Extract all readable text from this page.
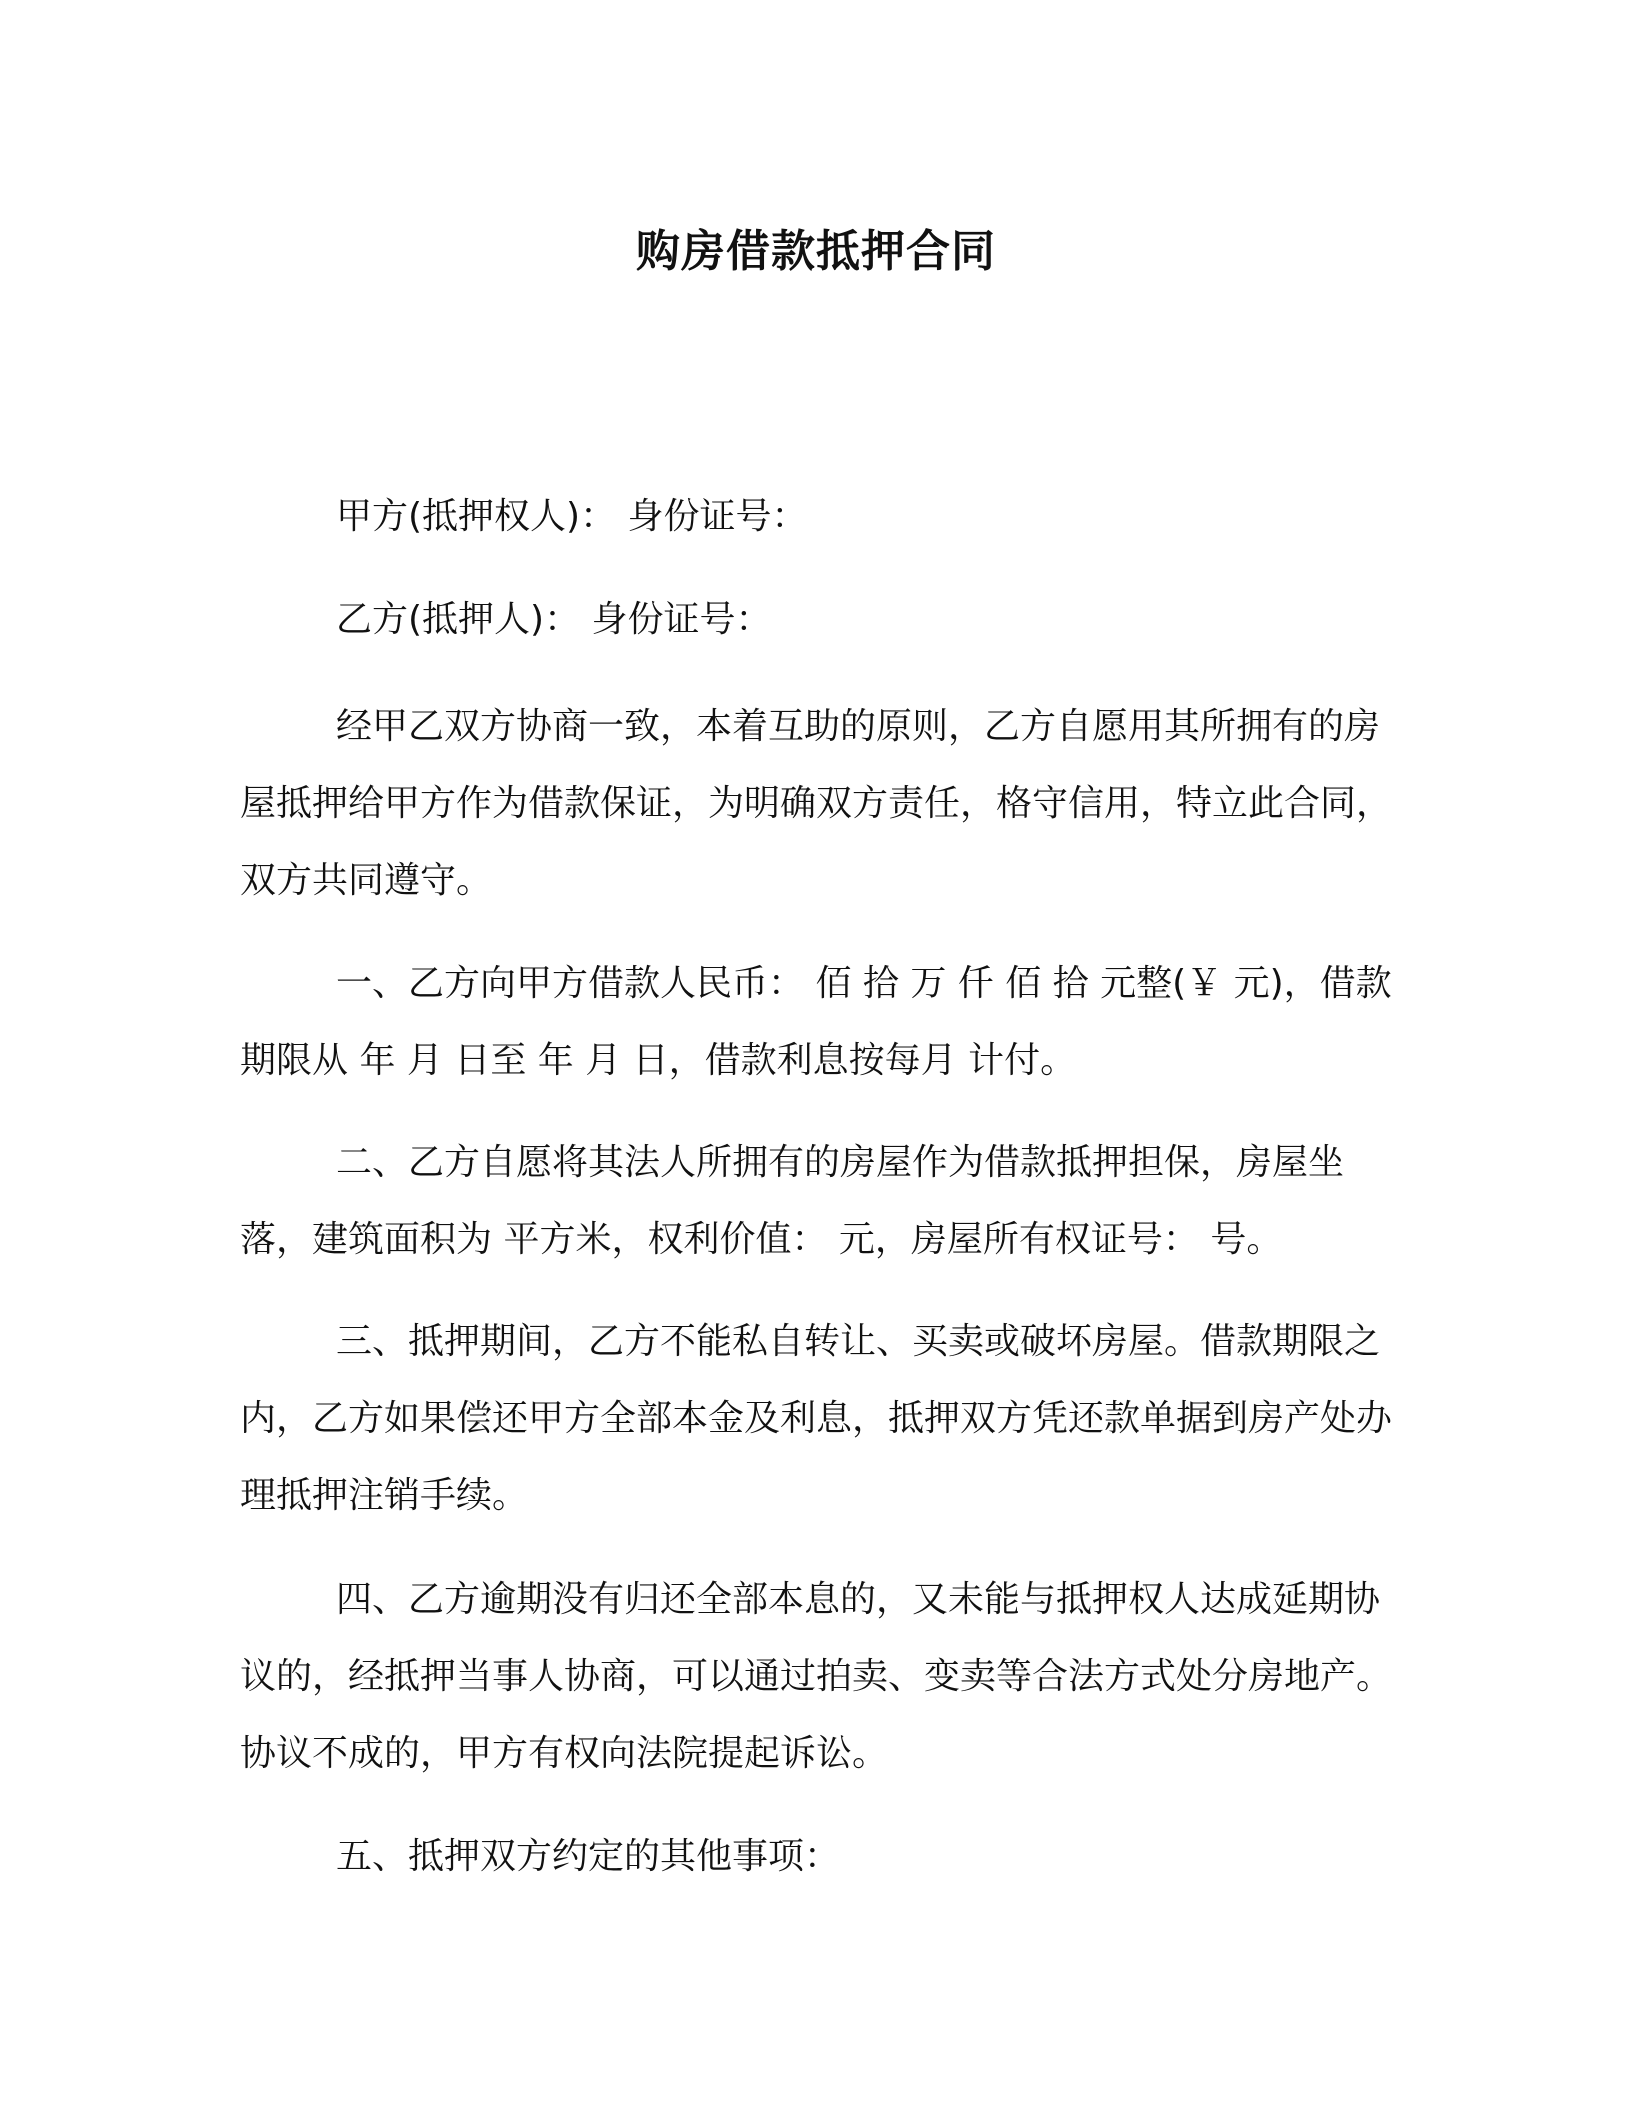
购房借款抵押合同
甲方(抵押权人)： 身份证号：
乙方(抵押人)： 身份证号：

经甲乙双方协商一致，本着互助的原则，乙方自愿用其所拥有的房屋抵押给甲方作为借款保证，为明确双方责任，格守信用，特立此合同，双方共同遵守。

一、乙方向甲方借款人民币： 佰 拾 万 仟 佰 拾 元整(￥ 元)，借款期限从 年 月 日至 年 月 日，借款利息按每月 计付。

二、乙方自愿将其法人所拥有的房屋作为借款抵押担保，房屋坐落，建筑面积为 平方米，权利价值： 元，房屋所有权证号： 号。

三、抵押期间，乙方不能私自转让、买卖或破坏房屋。借款期限之内，乙方如果偿还甲方全部本金及利息，抵押双方凭还款单据到房产处办理抵押注销手续。

四、乙方逾期没有归还全部本息的，又未能与抵押权人达成延期协议的，经抵押当事人协商，可以通过拍卖、变卖等合法方式处分房地产。协议不成的，甲方有权向法院提起诉讼。

五、抵押双方约定的其他事项：
